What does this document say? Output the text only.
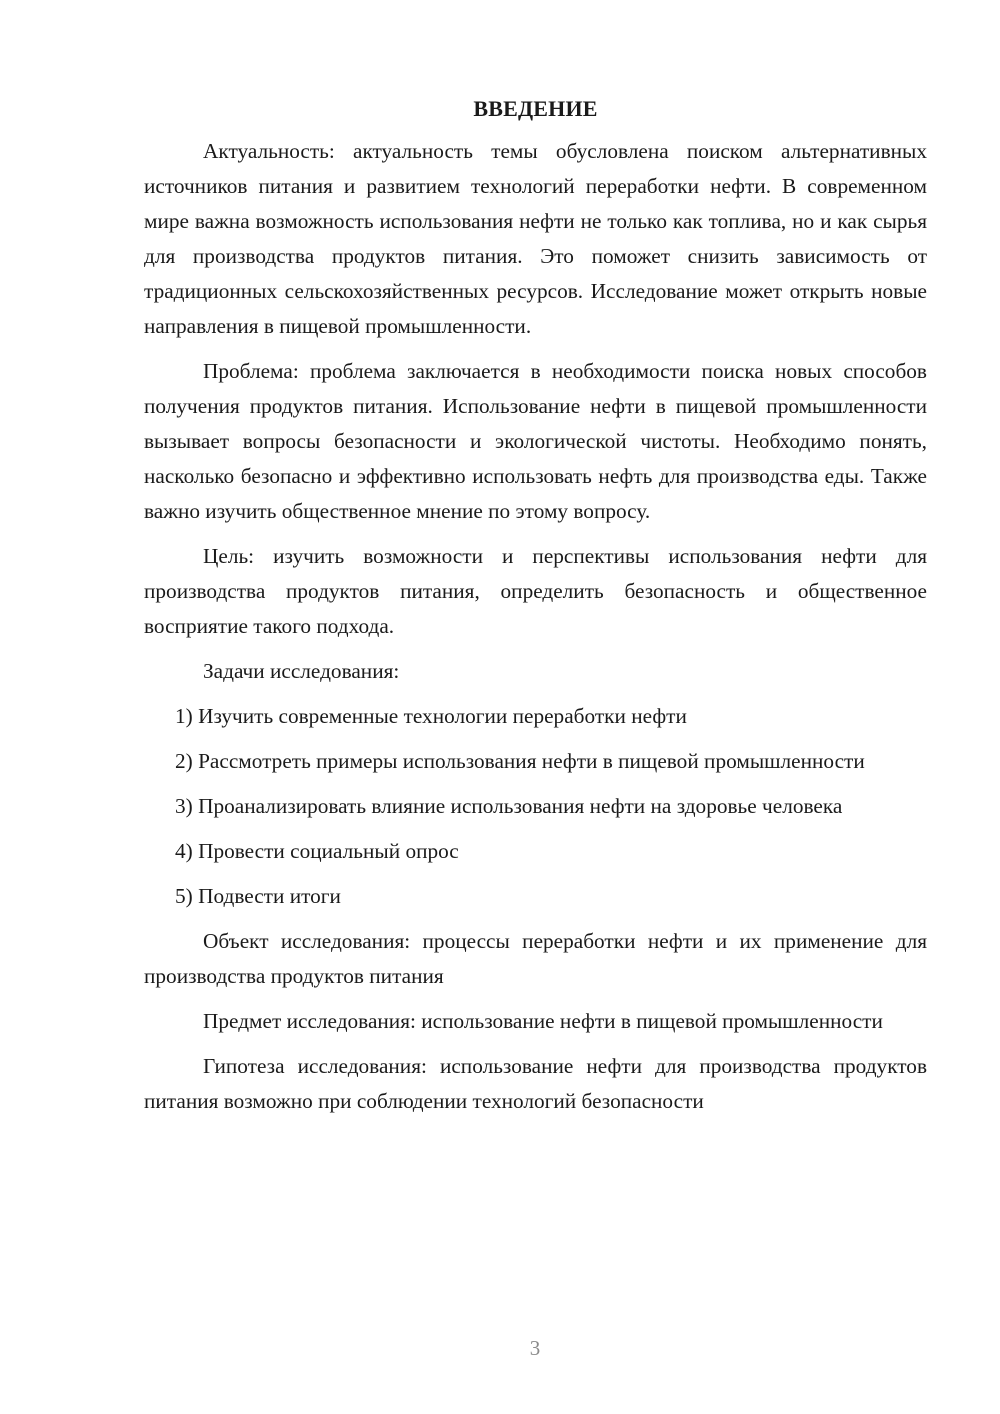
ВВЕДЕНИЕ

Актуальность: актуальность темы обусловлена поиском альтернативных источников питания и развитием технологий переработки нефти. В современном мире важна возможность использования нефти не только как топлива, но и как сырья для производства продуктов питания. Это поможет снизить зависимость от традиционных сельскохозяйственных ресурсов. Исследование может открыть новые направления в пищевой промышленности.

Проблема: проблема заключается в необходимости поиска новых способов получения продуктов питания. Использование нефти в пищевой промышленности вызывает вопросы безопасности и экологической чистоты. Необходимо понять, насколько безопасно и эффективно использовать нефть для производства еды. Также важно изучить общественное мнение по этому вопросу.

Цель: изучить возможности и перспективы использования нефти для производства продуктов питания, определить безопасность и общественное восприятие такого подхода.

Задачи исследования:

1) Изучить современные технологии переработки нефти

2) Рассмотреть примеры использования нефти в пищевой промышленности

3) Проанализировать влияние использования нефти на здоровье человека

4) Провести социальный опрос

5) Подвести итоги

Объект исследования: процессы переработки нефти и их применение для производства продуктов питания

Предмет исследования: использование нефти в пищевой промышленности

Гипотеза исследования: использование нефти для производства продуктов питания возможно при соблюдении технологий безопасности

3
